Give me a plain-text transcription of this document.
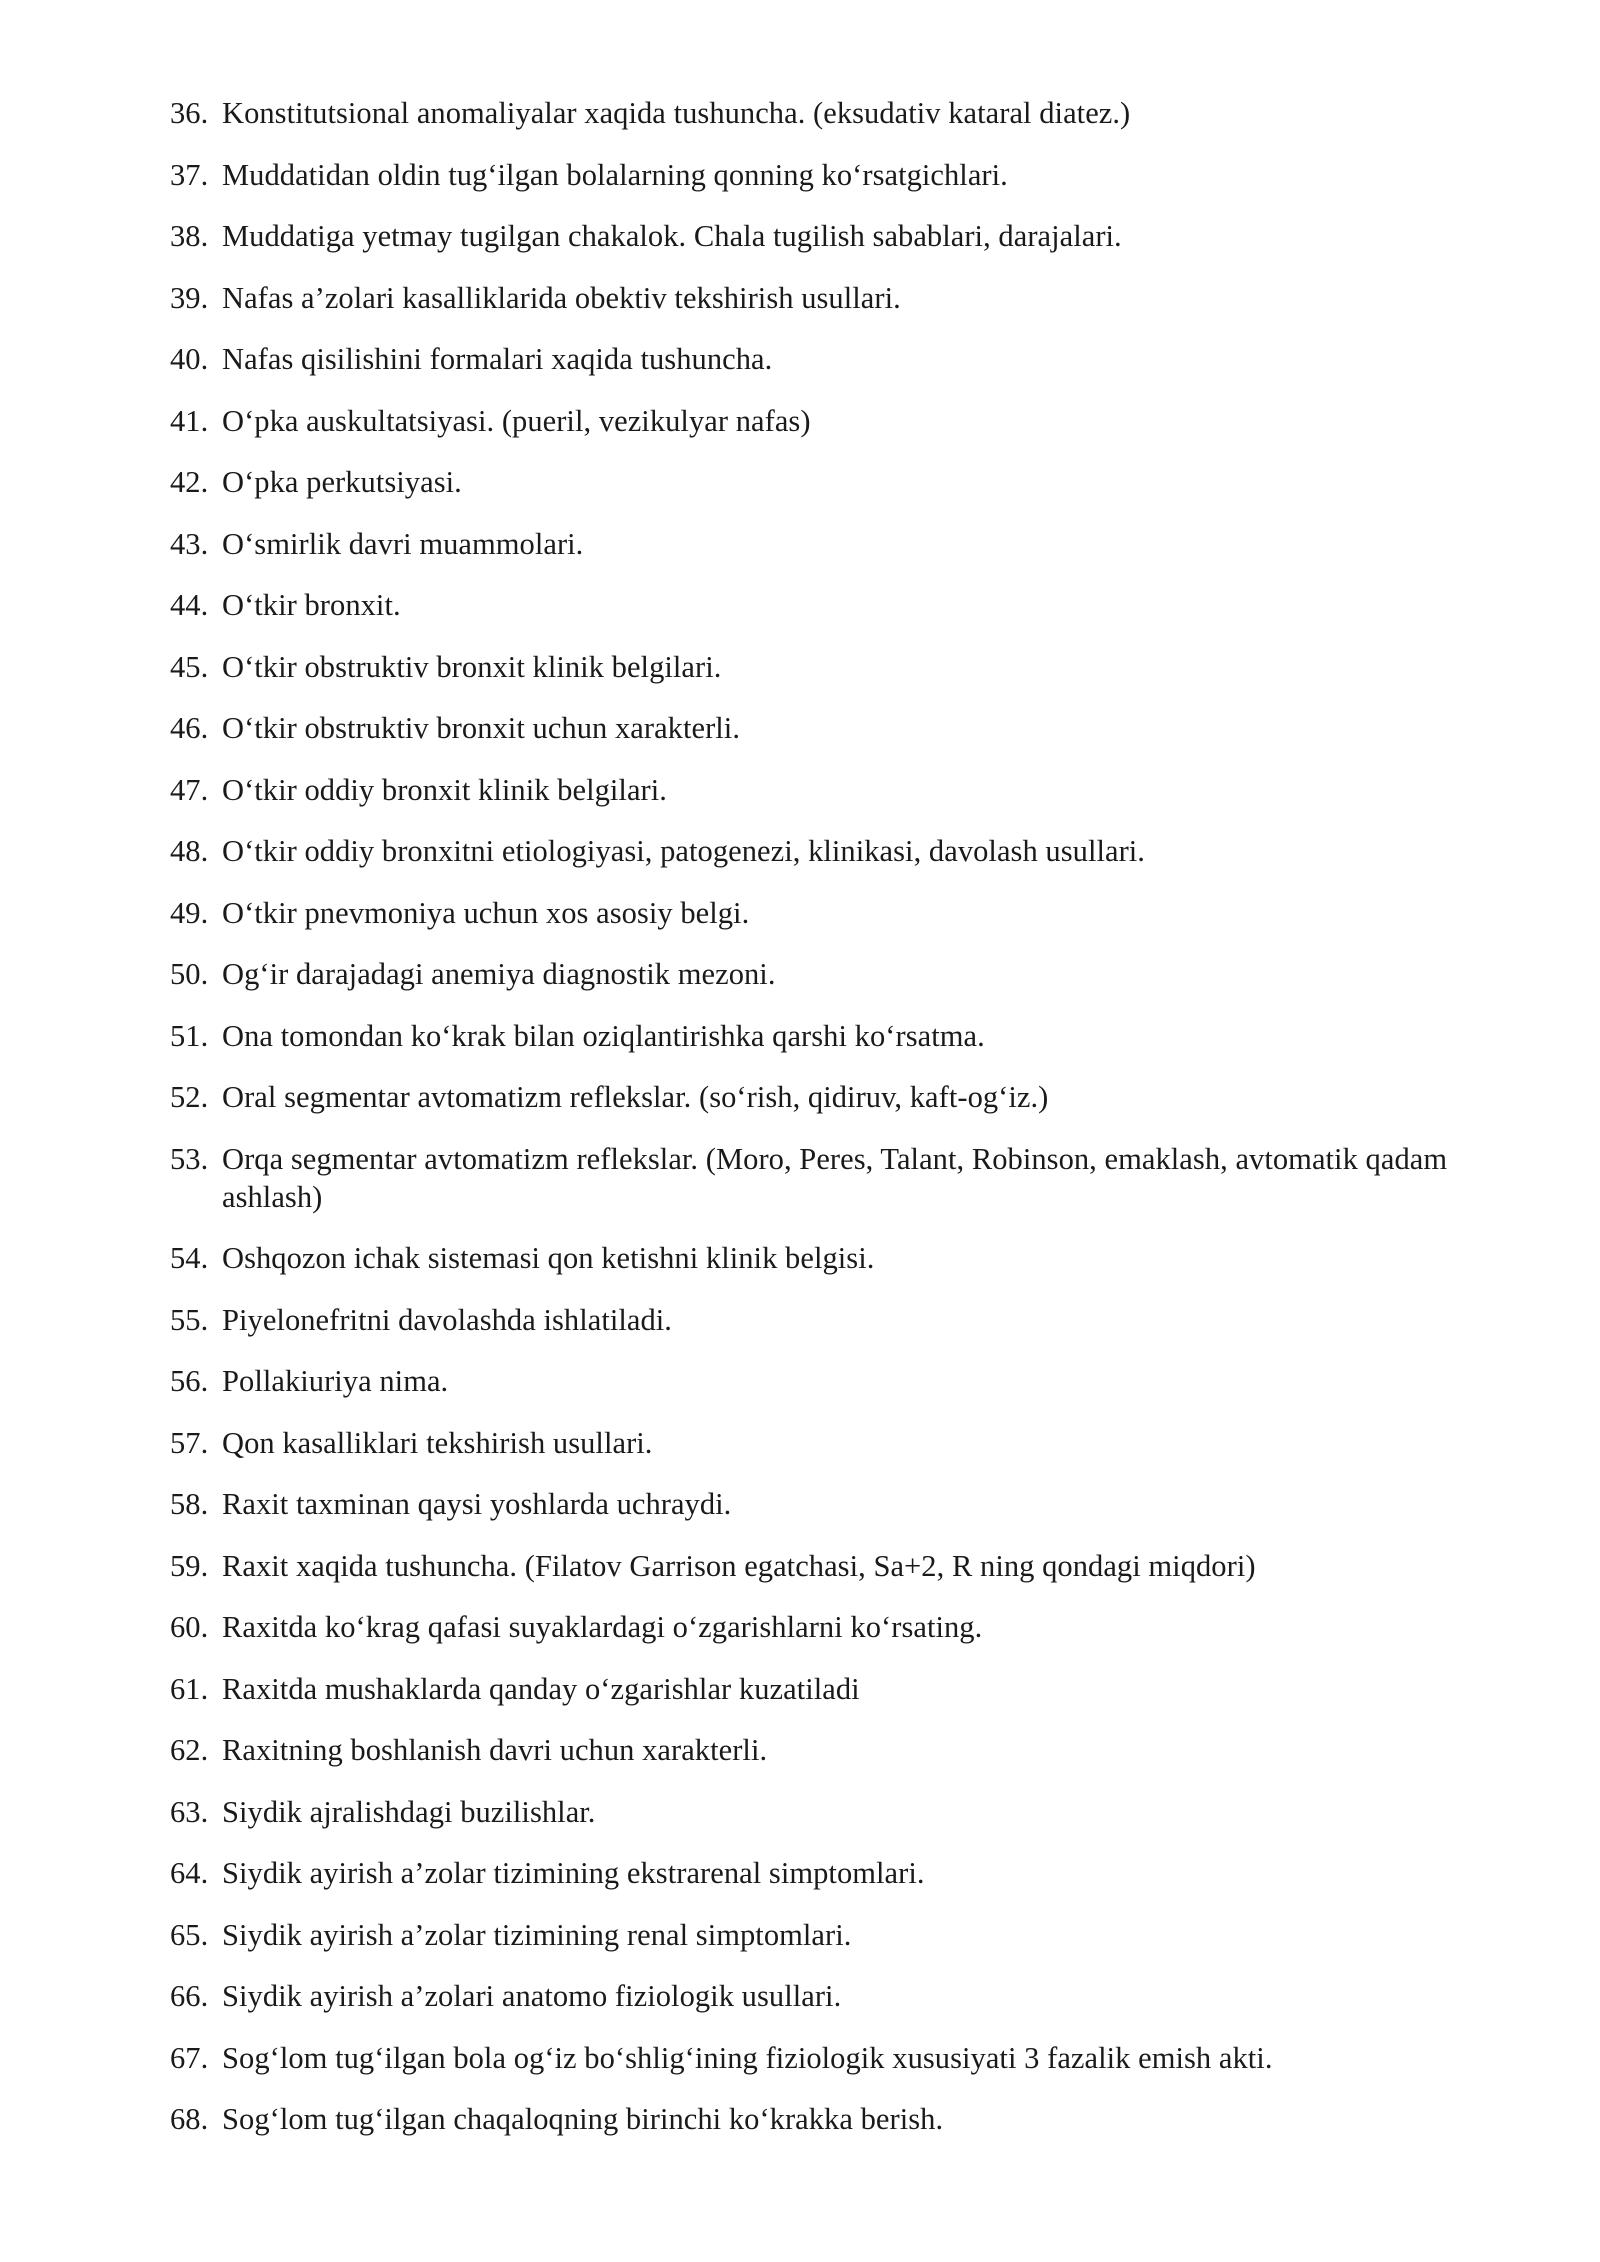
36. Konstitutsional anomaliyalar xaqida tushuncha. (eksudativ kataral diatez.)
37. Muddatidan oldin tug‘ilgan bolalarning qonning ko‘rsatgichlari.
38. Muddatiga yetmay tugilgan chakalok. Chala tugilish sabablari, darajalari.
39. Nafas a’zolari kasalliklarida obektiv tekshirish usullari.
40. Nafas qisilishini formalari xaqida tushuncha.
41. O‘pka auskultatsiyasi. (pueril, vezikulyar nafas)
42. O‘pka perkutsiyasi.
43. O‘smirlik davri muammolari.
44. O‘tkir bronxit.
45. O‘tkir obstruktiv bronxit klinik belgilari.
46. O‘tkir obstruktiv bronxit uchun xarakterli.
47. O‘tkir oddiy bronxit klinik belgilari.
48. O‘tkir oddiy bronxitni etiologiyasi, patogenezi, klinikasi, davolash usullari.
49. O‘tkir pnevmoniya uchun xos asosiy belgi.
50. Og‘ir darajadagi anemiya diagnostik mezoni.
51. Ona tomondan ko‘krak bilan oziqlantirishka qarshi ko‘rsatma.
52. Oral segmentar avtomatizm reflekslar. (so‘rish, qidiruv, kaft-og‘iz.)
53. Orqa segmentar avtomatizm reflekslar. (Moro, Peres, Talant, Robinson, emaklash, avtomatik qadam ashlash)
54. Oshqozon ichak sistemasi qon ketishni klinik belgisi.
55. Piyelonefritni davolashda ishlatiladi.
56. Pollakiuriya nima.
57. Qon kasalliklari tekshirish usullari.
58. Raxit taxminan qaysi yoshlarda uchraydi.
59. Raxit xaqida tushuncha. (Filatov Garrison egatchasi, Sa+2, R ning qondagi miqdori)
60. Raxitda ko‘krag qafasi suyaklardagi o‘zgarishlarni ko‘rsating.
61. Raxitda mushaklarda qanday o‘zgarishlar kuzatiladi
62. Raxitning boshlanish davri uchun xarakterli.
63. Siydik ajralishdagi buzilishlar.
64. Siydik ayirish a’zolar tizimining ekstrarenal simptomlari.
65. Siydik ayirish a’zolar tizimining renal simptomlari.
66. Siydik ayirish a’zolari anatomo fiziologik usullari.
67. Sog‘lom tug‘ilgan bola og‘iz bo‘shlig‘ining fiziologik xususiyati 3 fazalik emish akti.
68. Sog‘lom tug‘ilgan chaqaloqning birinchi ko‘krakka berish.
